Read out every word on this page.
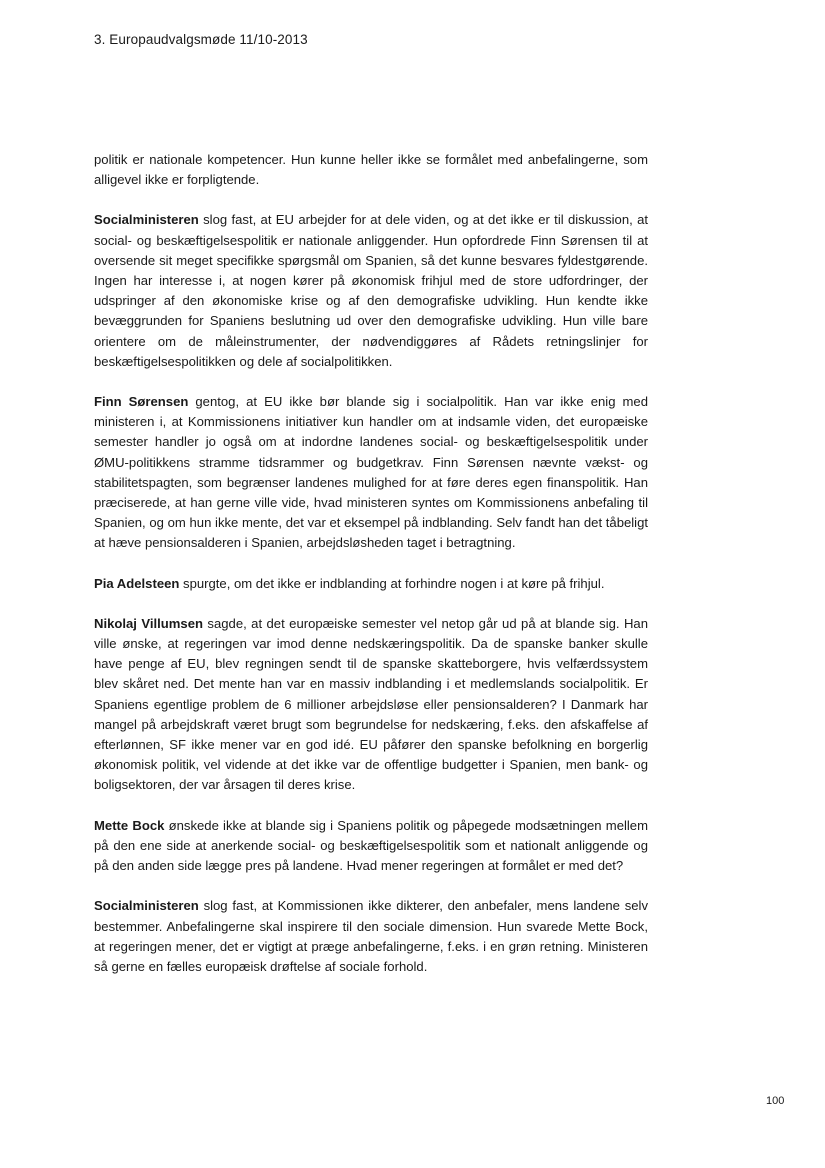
3. Europaudvalgsmøde 11/10-2013

politik er nationale kompetencer. Hun kunne heller ikke se formålet med anbefalingerne, som alligevel ikke er forpligtende.

Socialministeren slog fast, at EU arbejder for at dele viden, og at det ikke er til diskussion, at social- og beskæftigelsespolitik er nationale anliggender. Hun opfordrede Finn Sørensen til at oversende sit meget specifikke spørgsmål om Spanien, så det kunne besvares fyldestgørende. Ingen har interesse i, at nogen kører på økonomisk frihjul med de store udfordringer, der udspringer af den økonomiske krise og af den demografiske udvikling. Hun kendte ikke bevæggrunden for Spaniens beslutning ud over den demografiske udvikling. Hun ville bare orientere om de måleinstrumenter, der nødvendiggøres af Rådets retningslinjer for beskæftigelsespolitikken og dele af socialpolitikken.

Finn Sørensen gentog, at EU ikke bør blande sig i socialpolitik. Han var ikke enig med ministeren i, at Kommissionens initiativer kun handler om at indsamle viden, det europæiske semester handler jo også om at indordne landenes social- og beskæftigelsespolitik under ØMU-politikkens stramme tidsrammer og budgetkrav. Finn Sørensen nævnte vækst- og stabilitetspagten, som begrænser landenes mulighed for at føre deres egen finanspolitik. Han præciserede, at han gerne ville vide, hvad ministeren syntes om Kommissionens anbefaling til Spanien, og om hun ikke mente, det var et eksempel på indblanding. Selv fandt han det tåbeligt at hæve pensionsalderen i Spanien, arbejdsløsheden taget i betragtning.

Pia Adelsteen spurgte, om det ikke er indblanding at forhindre nogen i at køre på frihjul.

Nikolaj Villumsen sagde, at det europæiske semester vel netop går ud på at blande sig. Han ville ønske, at regeringen var imod denne nedskæringspolitik. Da de spanske banker skulle have penge af EU, blev regningen sendt til de spanske skatteborgere, hvis velfærdssystem blev skåret ned. Det mente han var en massiv indblanding i et medlemslands socialpolitik. Er Spaniens egentlige problem de 6 millioner arbejdsløse eller pensionsalderen? I Danmark har mangel på arbejdskraft været brugt som begrundelse for nedskæring, f.eks. den afskaffelse af efterlønnen, SF ikke mener var en god idé. EU påfører den spanske befolkning en borgerlig økonomisk politik, vel vidende at det ikke var de offentlige budgetter i Spanien, men bank- og boligsektoren, der var årsagen til deres krise.

Mette Bock ønskede ikke at blande sig i Spaniens politik og påpegede modsætningen mellem på den ene side at anerkende social- og beskæftigelsespolitik som et nationalt anliggende og på den anden side lægge pres på landene. Hvad mener regeringen at formålet er med det?

Socialministeren slog fast, at Kommissionen ikke dikterer, den anbefaler, mens landene selv bestemmer. Anbefalingerne skal inspirere til den sociale dimension. Hun svarede Mette Bock, at regeringen mener, det er vigtigt at præge anbefalingerne, f.eks. i en grøn retning. Ministeren så gerne en fælles europæisk drøftelse af sociale forhold.

100
